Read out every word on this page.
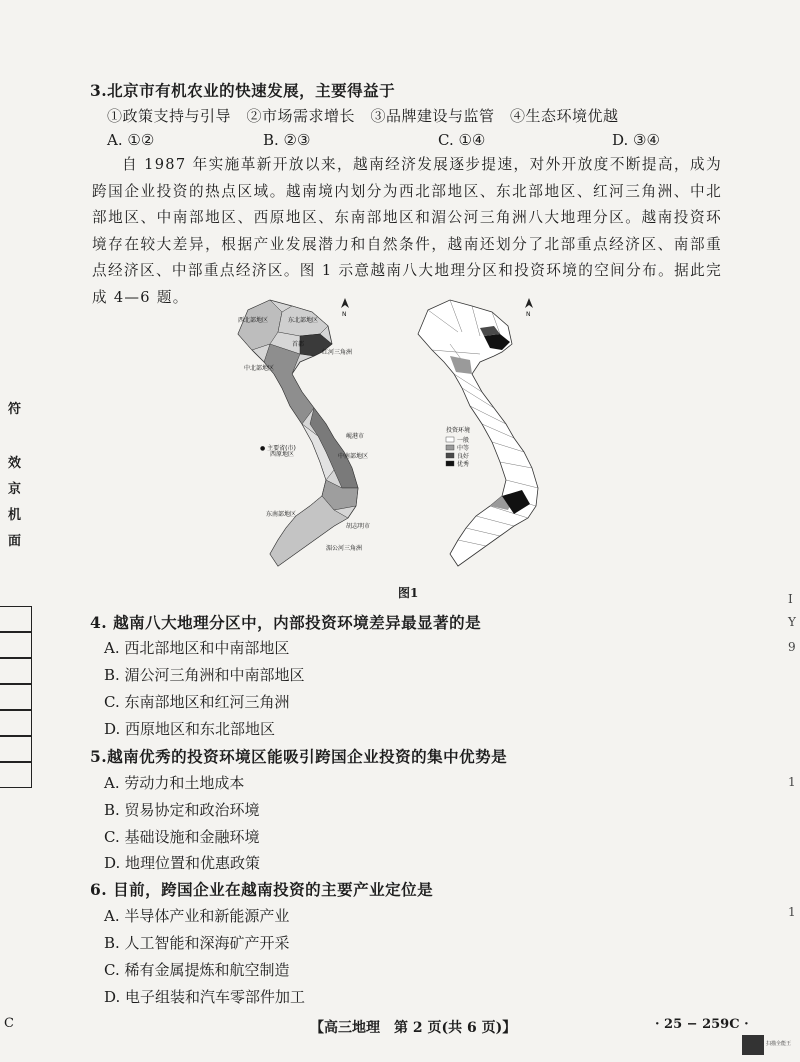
3.北京市有机农业的快速发展，主要得益于
①政策支持与引导　②市场需求增长　③品牌建设与监管　④生态环境优越
A. ①②	B. ②③	C. ①④	D. ③④
自 1987 年实施革新开放以来，越南经济发展逐步提速，对外开放度不断提高，成为跨国企业投资的热点区域。越南境内划分为西北部地区、东北部地区、红河三角洲、中北部地区、中南部地区、西原地区、东南部地区和湄公河三角洲八大地理分区。越南投资环境存在较大差异，根据产业发展潜力和自然条件，越南还划分了北部重点经济区、南部重点经济区、中部重点经济区。图 1 示意越南八大地理分区和投资环境的空间分布。据此完成 4—6 题。
N
东北部地区
西北部地区
红河三角洲
首都
中北部地区
岘港市
中南部地区
西原地区
● 主要省(市)
东南部地区
胡志明市
湄公河三角洲
N
投资环境
一般
中等
良好
优秀
图1
4. 越南八大地理分区中，内部投资环境差异最显著的是
A. 西北部地区和中南部地区
B. 湄公河三角洲和中南部地区
C. 东南部地区和红河三角洲
D. 西原地区和东北部地区
5.越南优秀的投资环境区能吸引跨国企业投资的集中优势是
A. 劳动力和土地成本
B. 贸易协定和政治环境
C. 基础设施和金融环境
D. 地理位置和优惠政策
6. 目前，跨国企业在越南投资的主要产业定位是
A. 半导体产业和新能源产业
B. 人工智能和深海矿产开采
C. 稀有金属提炼和航空制造
D. 电子组装和汽车零部件加工
符
效
京
机
面
I
9
1
1
Y
C	【高三地理　第 2 页(共 6 页)】	· 25 − 259C ·
扫描全能王
